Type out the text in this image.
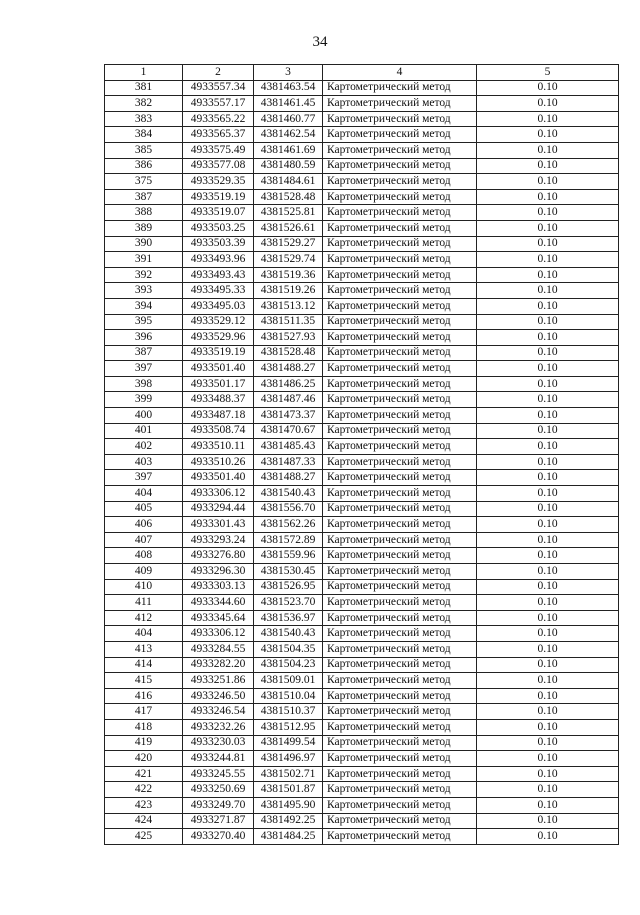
34
1	2	3	4	5
381	4933557.34	4381463.54	Картометрический метод	0.10
382	4933557.17	4381461.45	Картометрический метод	0.10
383	4933565.22	4381460.77	Картометрический метод	0.10
384	4933565.37	4381462.54	Картометрический метод	0.10
385	4933575.49	4381461.69	Картометрический метод	0.10
386	4933577.08	4381480.59	Картометрический метод	0.10
375	4933529.35	4381484.61	Картометрический метод	0.10
387	4933519.19	4381528.48	Картометрический метод	0.10
388	4933519.07	4381525.81	Картометрический метод	0.10
389	4933503.25	4381526.61	Картометрический метод	0.10
390	4933503.39	4381529.27	Картометрический метод	0.10
391	4933493.96	4381529.74	Картометрический метод	0.10
392	4933493.43	4381519.36	Картометрический метод	0.10
393	4933495.33	4381519.26	Картометрический метод	0.10
394	4933495.03	4381513.12	Картометрический метод	0.10
395	4933529.12	4381511.35	Картометрический метод	0.10
396	4933529.96	4381527.93	Картометрический метод	0.10
387	4933519.19	4381528.48	Картометрический метод	0.10
397	4933501.40	4381488.27	Картометрический метод	0.10
398	4933501.17	4381486.25	Картометрический метод	0.10
399	4933488.37	4381487.46	Картометрический метод	0.10
400	4933487.18	4381473.37	Картометрический метод	0.10
401	4933508.74	4381470.67	Картометрический метод	0.10
402	4933510.11	4381485.43	Картометрический метод	0.10
403	4933510.26	4381487.33	Картометрический метод	0.10
397	4933501.40	4381488.27	Картометрический метод	0.10
404	4933306.12	4381540.43	Картометрический метод	0.10
405	4933294.44	4381556.70	Картометрический метод	0.10
406	4933301.43	4381562.26	Картометрический метод	0.10
407	4933293.24	4381572.89	Картометрический метод	0.10
408	4933276.80	4381559.96	Картометрический метод	0.10
409	4933296.30	4381530.45	Картометрический метод	0.10
410	4933303.13	4381526.95	Картометрический метод	0.10
411	4933344.60	4381523.70	Картометрический метод	0.10
412	4933345.64	4381536.97	Картометрический метод	0.10
404	4933306.12	4381540.43	Картометрический метод	0.10
413	4933284.55	4381504.35	Картометрический метод	0.10
414	4933282.20	4381504.23	Картометрический метод	0.10
415	4933251.86	4381509.01	Картометрический метод	0.10
416	4933246.50	4381510.04	Картометрический метод	0.10
417	4933246.54	4381510.37	Картометрический метод	0.10
418	4933232.26	4381512.95	Картометрический метод	0.10
419	4933230.03	4381499.54	Картометрический метод	0.10
420	4933244.81	4381496.97	Картометрический метод	0.10
421	4933245.55	4381502.71	Картометрический метод	0.10
422	4933250.69	4381501.87	Картометрический метод	0.10
423	4933249.70	4381495.90	Картометрический метод	0.10
424	4933271.87	4381492.25	Картометрический метод	0.10
425	4933270.40	4381484.25	Картометрический метод	0.10
